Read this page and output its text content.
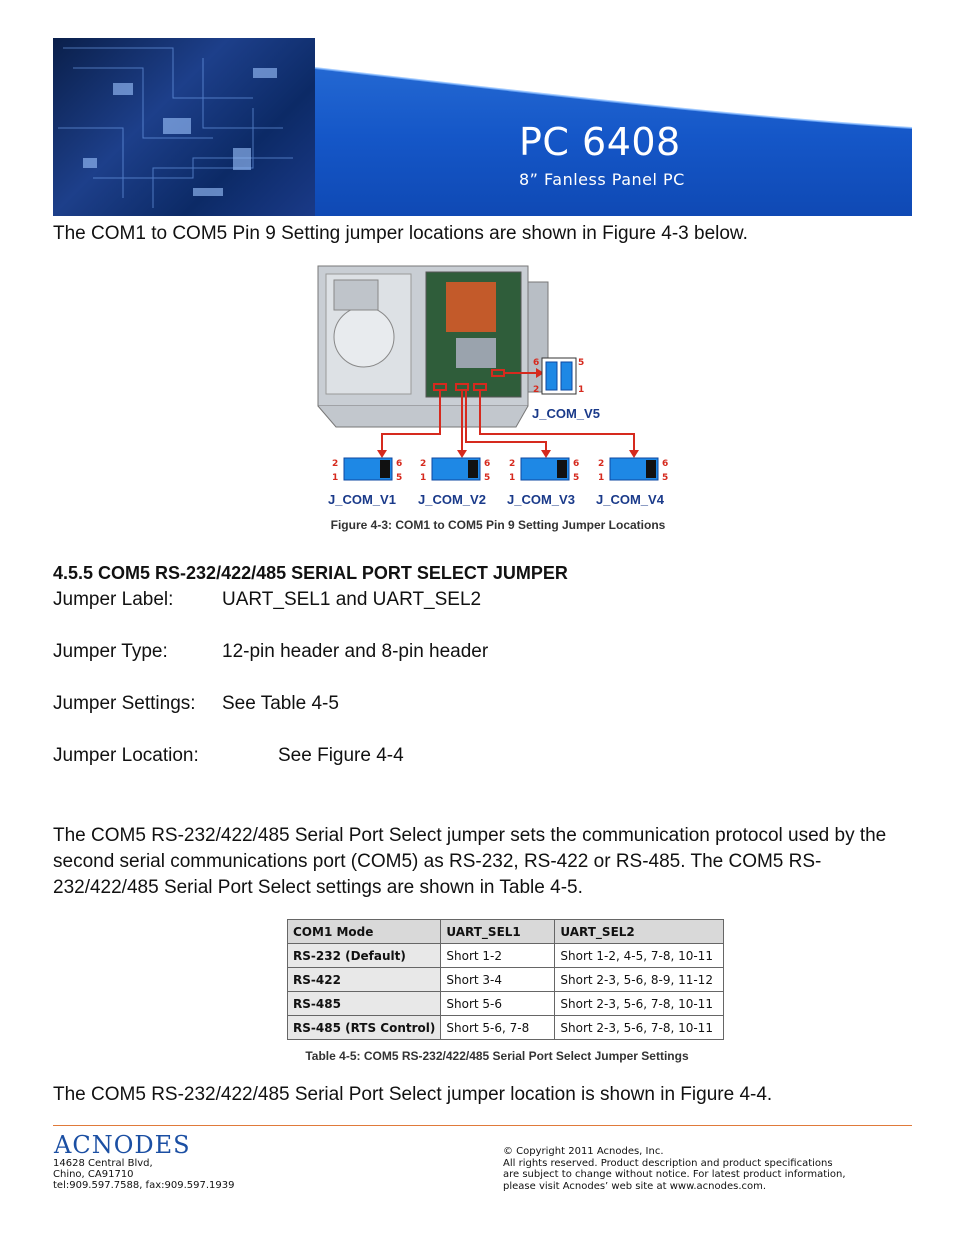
PC 6408
8” Fanless Panel PC
The COM1 to COM5 Pin 9 Setting jumper locations are shown in Figure 4-3 below.
6	5
2	1
J_COM_V5
2
1
6
5
J_COM_V1
2
1
6
5
J_COM_V2
2
1
6
5
J_COM_V3
2
1
6
5
J_COM_V4
Figure 4-3: COM1 to COM5 Pin 9 Setting Jumper Locations
4.5.5 COM5 RS-232/422/485 SERIAL PORT SELECT JUMPER
Jumper Label:	UART_SEL1 and UART_SEL2
Jumper Type:	12-pin header and 8-pin header
Jumper Settings: See Table 4-5
Jumper Location:	See Figure 4-4
The COM5 RS-232/422/485 Serial Port Select jumper sets the communication protocol used by the second serial communications port (COM5) as RS-232, RS-422 or RS-485. The COM5 RS-232/422/485 Serial Port Select settings are shown in Table 4-5.
COM1 Mode	UART_SEL1	UART_SEL2
RS-232 (Default)	Short 1-2	Short 1-2, 4-5, 7-8, 10-11
RS-422	Short 3-4	Short 2-3, 5-6, 8-9, 11-12
RS-485	Short 5-6	Short 2-3, 5-6, 7-8, 10-11
RS-485 (RTS Control)	Short 5-6, 7-8	Short 2-3, 5-6, 7-8, 10-11
Table 4-5: COM5 RS-232/422/485 Serial Port Select Jumper Settings
The COM5 RS-232/422/485 Serial Port Select jumper location is shown in Figure 4-4.
ACNODES
14628 Central Blvd,
Chino, CA91710
tel:909.597.7588, fax:909.597.1939
© Copyright 2011 Acnodes, Inc.
All rights reserved. Product description and product specifications
are subject to change without notice. For latest product information,
please visit Acnodes’ web site at www.acnodes.com.
